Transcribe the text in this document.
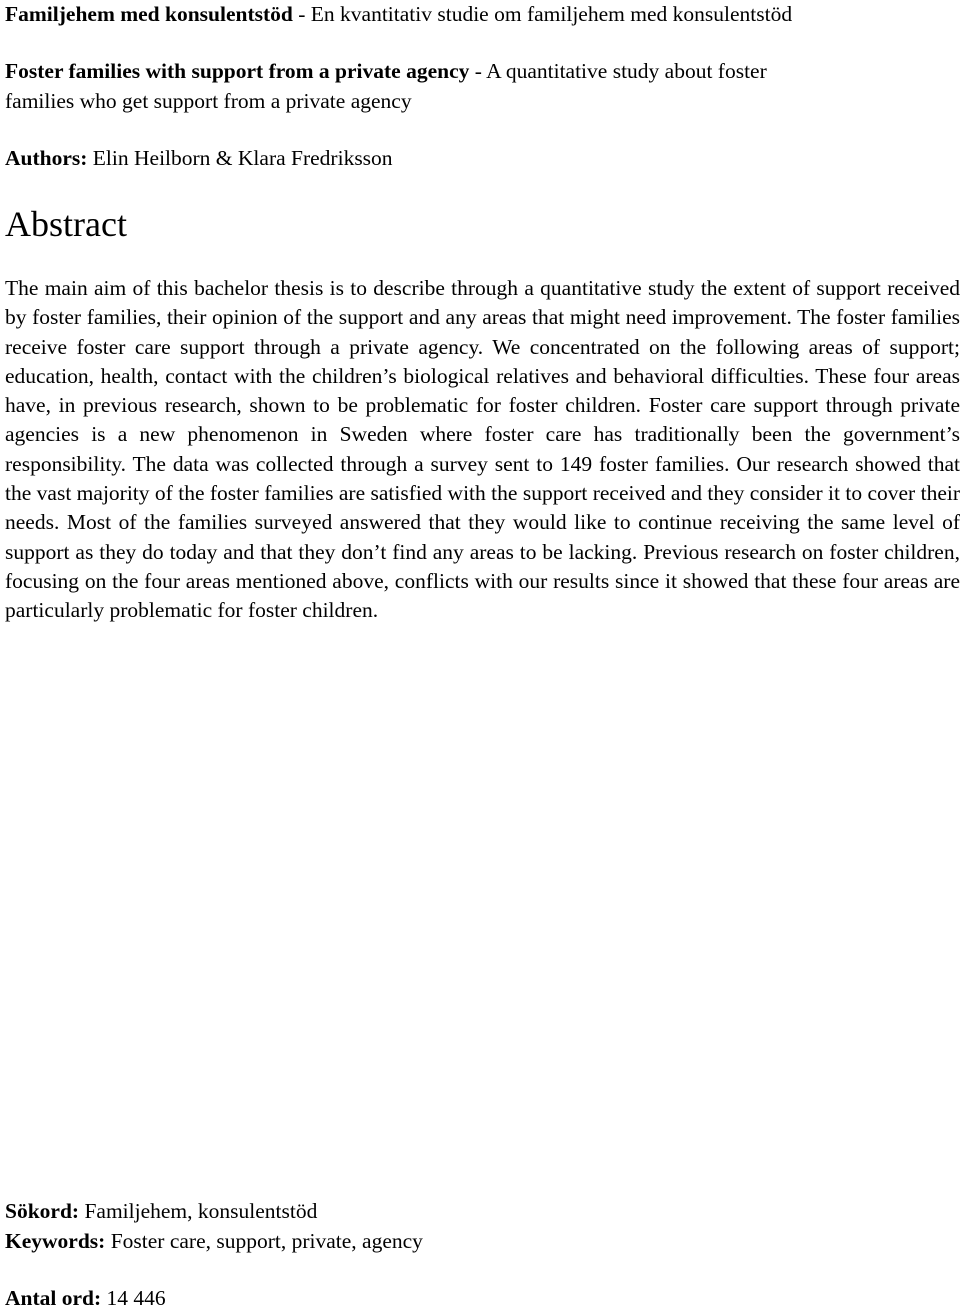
Familjehem med konsulentstöd - En kvantitativ studie om familjehem med konsulentstöd
Foster families with support from a private agency - A quantitative study about foster
families who get support from a private agency
Authors: Elin Heilborn & Klara Fredriksson
Abstract
The main aim of this bachelor thesis is to describe through a quantitative study the extent of support received by foster families, their opinion of the support and any areas that might need improvement. The foster families receive foster care support through a private agency. We concentrated on the following areas of support; education, health, contact with the children’s biological relatives and behavioral difficulties. These four areas have, in previous research, shown to be problematic for foster children. Foster care support through private agencies is a new phenomenon in Sweden where foster care has traditionally been the government’s responsibility. The data was collected through a survey sent to 149 foster families. Our research showed that the vast majority of the foster families are satisfied with the support received and they consider it to cover their needs. Most of the families surveyed answered that they would like to continue receiving the same level of support as they do today and that they don’t find any areas to be lacking. Previous research on foster children, focusing on the four areas mentioned above, conflicts with our results since it showed that these four areas are particularly problematic for foster children.
Sökord: Familjehem, konsulentstöd
Keywords: Foster care, support, private, agency
Antal ord: 14 446
